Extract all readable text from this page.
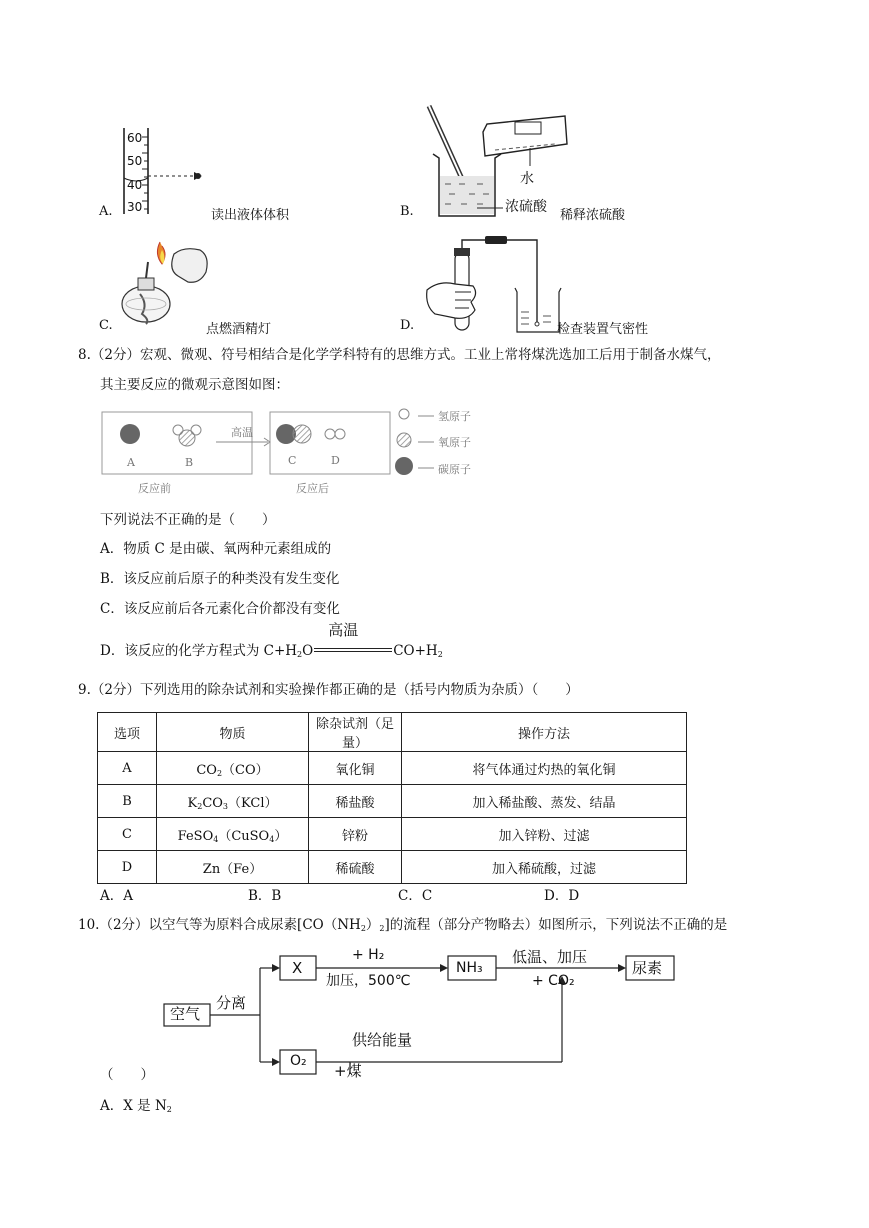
A.
60
50
40
30
读出液体体积	B.
水
浓硫酸
稀释浓硫酸
C.	点燃酒精灯	D.	检查装置气密性
8.（2分）宏观、微观、符号相结合是化学学科特有的思维方式。工业上常将煤洗选加工后用于制备水煤气，
其主要反应的微观示意图如图：
A	B
高温
C	D
反应前	反应后
氢原子
氧原子
碳原子
下列说法不正确的是（　　）
A．物质 C 是由碳、氧两种元素组成的
B．该反应前后原子的种类没有发生变化
C．该反应前后各元素化合价都没有变化
D．该反应的化学方程式为 $C+H_2O$
高温
$CO+H_2$
9.（2分）下列选用的除杂试剂和实验操作都正确的是（括号内物质为杂质）（　　）
选项	物质	除杂试剂（足量）	操作方法
A	$CO_2(CO)$	氧化铜	将气体通过灼热的氧化铜
B	$K_2CO_3(KCl)$	稀盐酸	加入稀盐酸、蒸发、结晶
C	FeSO$_4$（CuSO$_4$）	锌粉	加入锌粉、过滤
D	Zn（Fe）	稀硫酸	加入稀硫酸，过滤
A．A	B．B	C．C	D．D
10.（2分）以空气等为原料合成尿素$[CO(NH_2)_2]$的流程（部分产物略去）如图所示，下列说法不正确的是
空气
分离
X
+ H₂
加压，500℃
NH₃
低温、加压
+ CO₂
尿素
O₂
+煤
供给能量
（　　）
A．X 是 $N_2$
